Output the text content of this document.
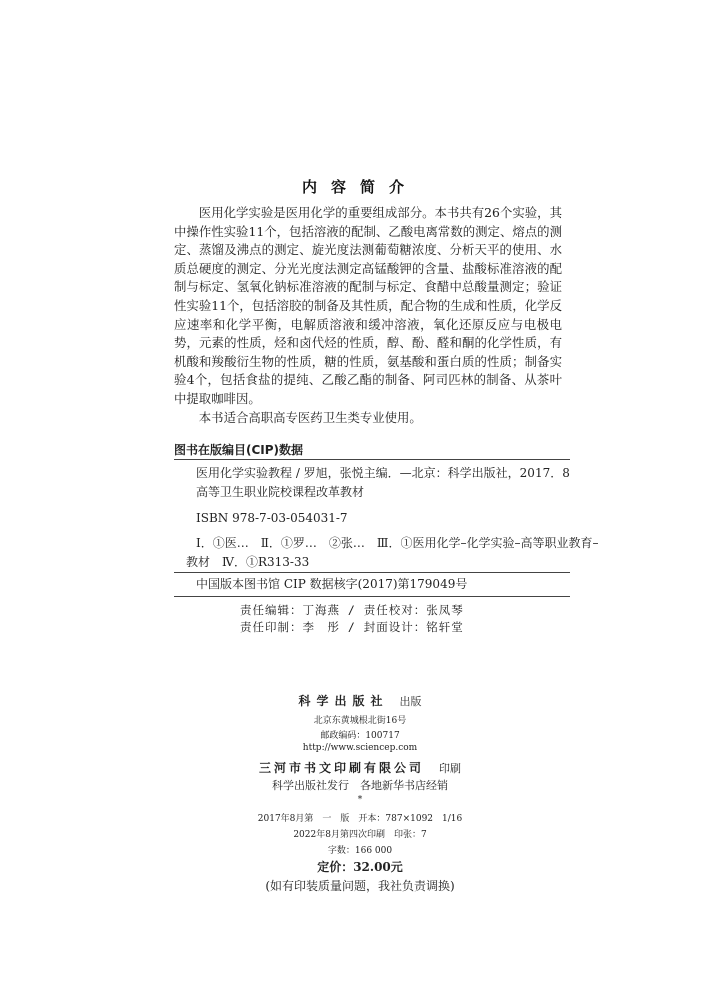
内容简介

医用化学实验是医用化学的重要组成部分。本书共有26个实验，其中操作性实验11个，包括溶液的配制、乙酸电离常数的测定、熔点的测定、蒸馏及沸点的测定、旋光度法测葡萄糖浓度、分析天平的使用、水质总硬度的测定、分光光度法测定高锰酸钾的含量、盐酸标准溶液的配制与标定、氢氧化钠标准溶液的配制与标定、食醋中总酸量测定；验证性实验11个，包括溶胶的制备及其性质，配合物的生成和性质，化学反应速率和化学平衡，电解质溶液和缓冲溶液，氧化还原反应与电极电势，元素的性质，烃和卤代烃的性质，醇、酚、醛和酮的化学性质，有机酸和羧酸衍生物的性质，糖的性质，氨基酸和蛋白质的性质；制备实验4个，包括食盐的提纯、乙酸乙酯的制备、阿司匹林的制备、从茶叶中提取咖啡因。

本书适合高职高专医药卫生类专业使用。

图书在版编目(CIP)数据
医用化学实验教程 / 罗旭，张悦主编．—北京：科学出版社，2017．8
高等卫生职业院校课程改革教材
ISBN 978-7-03-054031-7
Ⅰ．①医…　Ⅱ．①罗…　②张…　Ⅲ．①医用化学–化学实验–高等职业教育–
教材　Ⅳ．①R313-33
中国版本图书馆 CIP 数据核字(2017)第179049号
责任编辑：丁海燕 / 责任校对：张凤琴
责任印制：李　彤 / 封面设计：铭轩堂
科学出版社 出版
北京东黄城根北街16号
邮政编码：100717
http://www.sciencep.com
三河市书文印刷有限公司 印刷
科学出版社发行　各地新华书店经销
*
2017年8月第　一　版　开本：787×1092　1/16
2022年8月第四次印刷　印张：7
字数：166 000
定价：32.00元
(如有印装质量问题，我社负责调换)
